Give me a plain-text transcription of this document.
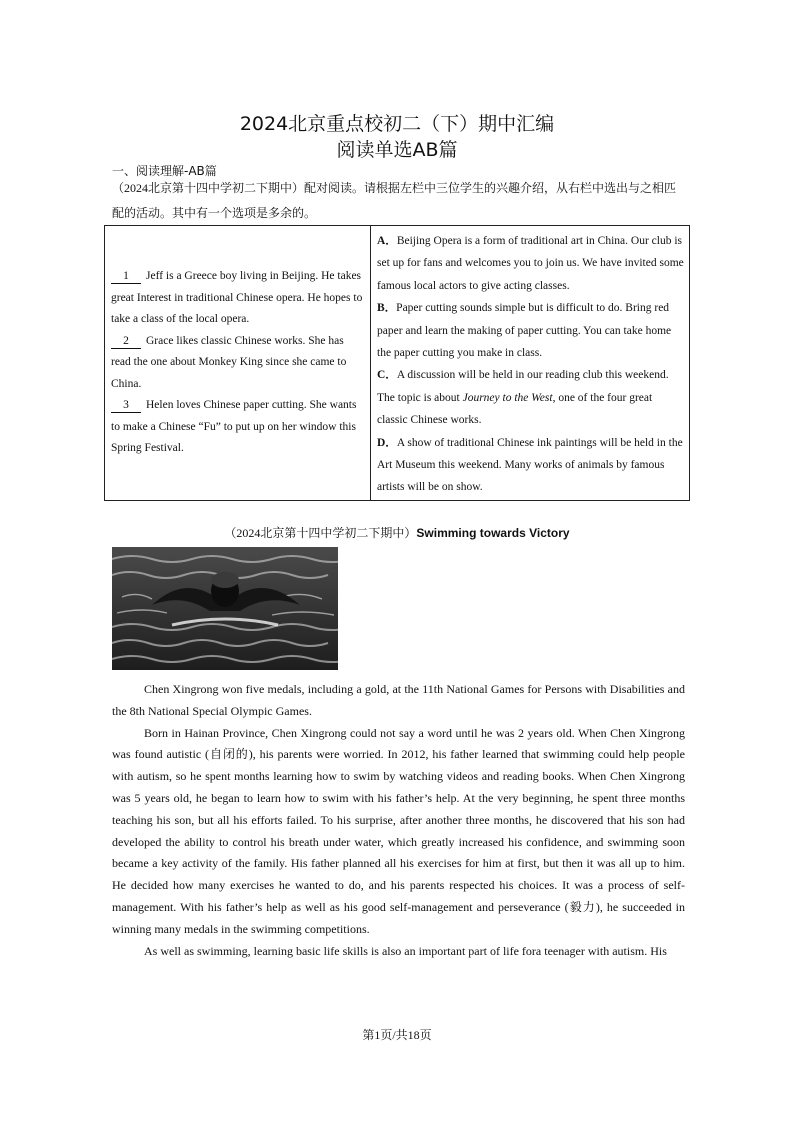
2024北京重点校初二（下）期中汇编
阅读单选AB篇
一、阅读理解-AB篇
（2024北京第十四中学初二下期中）配对阅读。请根据左栏中三位学生的兴趣介绍，从右栏中选出与之相匹配的活动。其中有一个选项是多余的。
1 Jeff is a Greece boy living in Beijing. He takes great Interest in traditional Chinese opera. He hopes to take a class of the local opera.
2 Grace likes classic Chinese works. She has read the one about Monkey King since she came to China.
3 Helen loves Chinese paper cutting. She wants to make a Chinese “Fu” to put up on her window this Spring Festival.
A．Beijing Opera is a form of traditional art in China. Our club is set up for fans and welcomes you to join us. We have invited some famous local actors to give acting classes.
B．Paper cutting sounds simple but is difficult to do. Bring red paper and learn the making of paper cutting. You can take home the paper cutting you make in class.
C．A discussion will be held in our reading club this weekend. The topic is about Journey to the West, one of the four great classic Chinese works.
D．A show of traditional Chinese ink paintings will be held in the Art Museum this weekend. Many works of animals by famous artists will be on show.
（2024北京第十四中学初二下期中）Swimming towards Victory

Chen Xingrong won five medals, including a gold, at the 11th National Games for Persons with Disabilities and the 8th National Special Olympic Games.

Born in Hainan Province, Chen Xingrong could not say a word until he was 2 years old. When Chen Xingrong was found autistic (自闭的), his parents were worried. In 2012, his father learned that swimming could help people with autism, so he spent months learning how to swim by watching videos and reading books. When Chen Xingrong was 5 years old, he began to learn how to swim with his father’s help. At the very beginning, he spent three months teaching his son, but all his efforts failed. To his surprise, after another three months, he discovered that his son had developed the ability to control his breath under water, which greatly increased his confidence, and swimming soon became a key activity of the family. His father planned all his exercises for him at first, but then it was all up to him. He decided how many exercises he wanted to do, and his parents respected his choices. It was a process of self-management. With his father’s help as well as his good self-management and perseverance (毅力), he succeeded in winning many medals in the swimming competitions.

As well as swimming, learning basic life skills is also an important part of life fora teenager with autism. His

第1页/共18页
